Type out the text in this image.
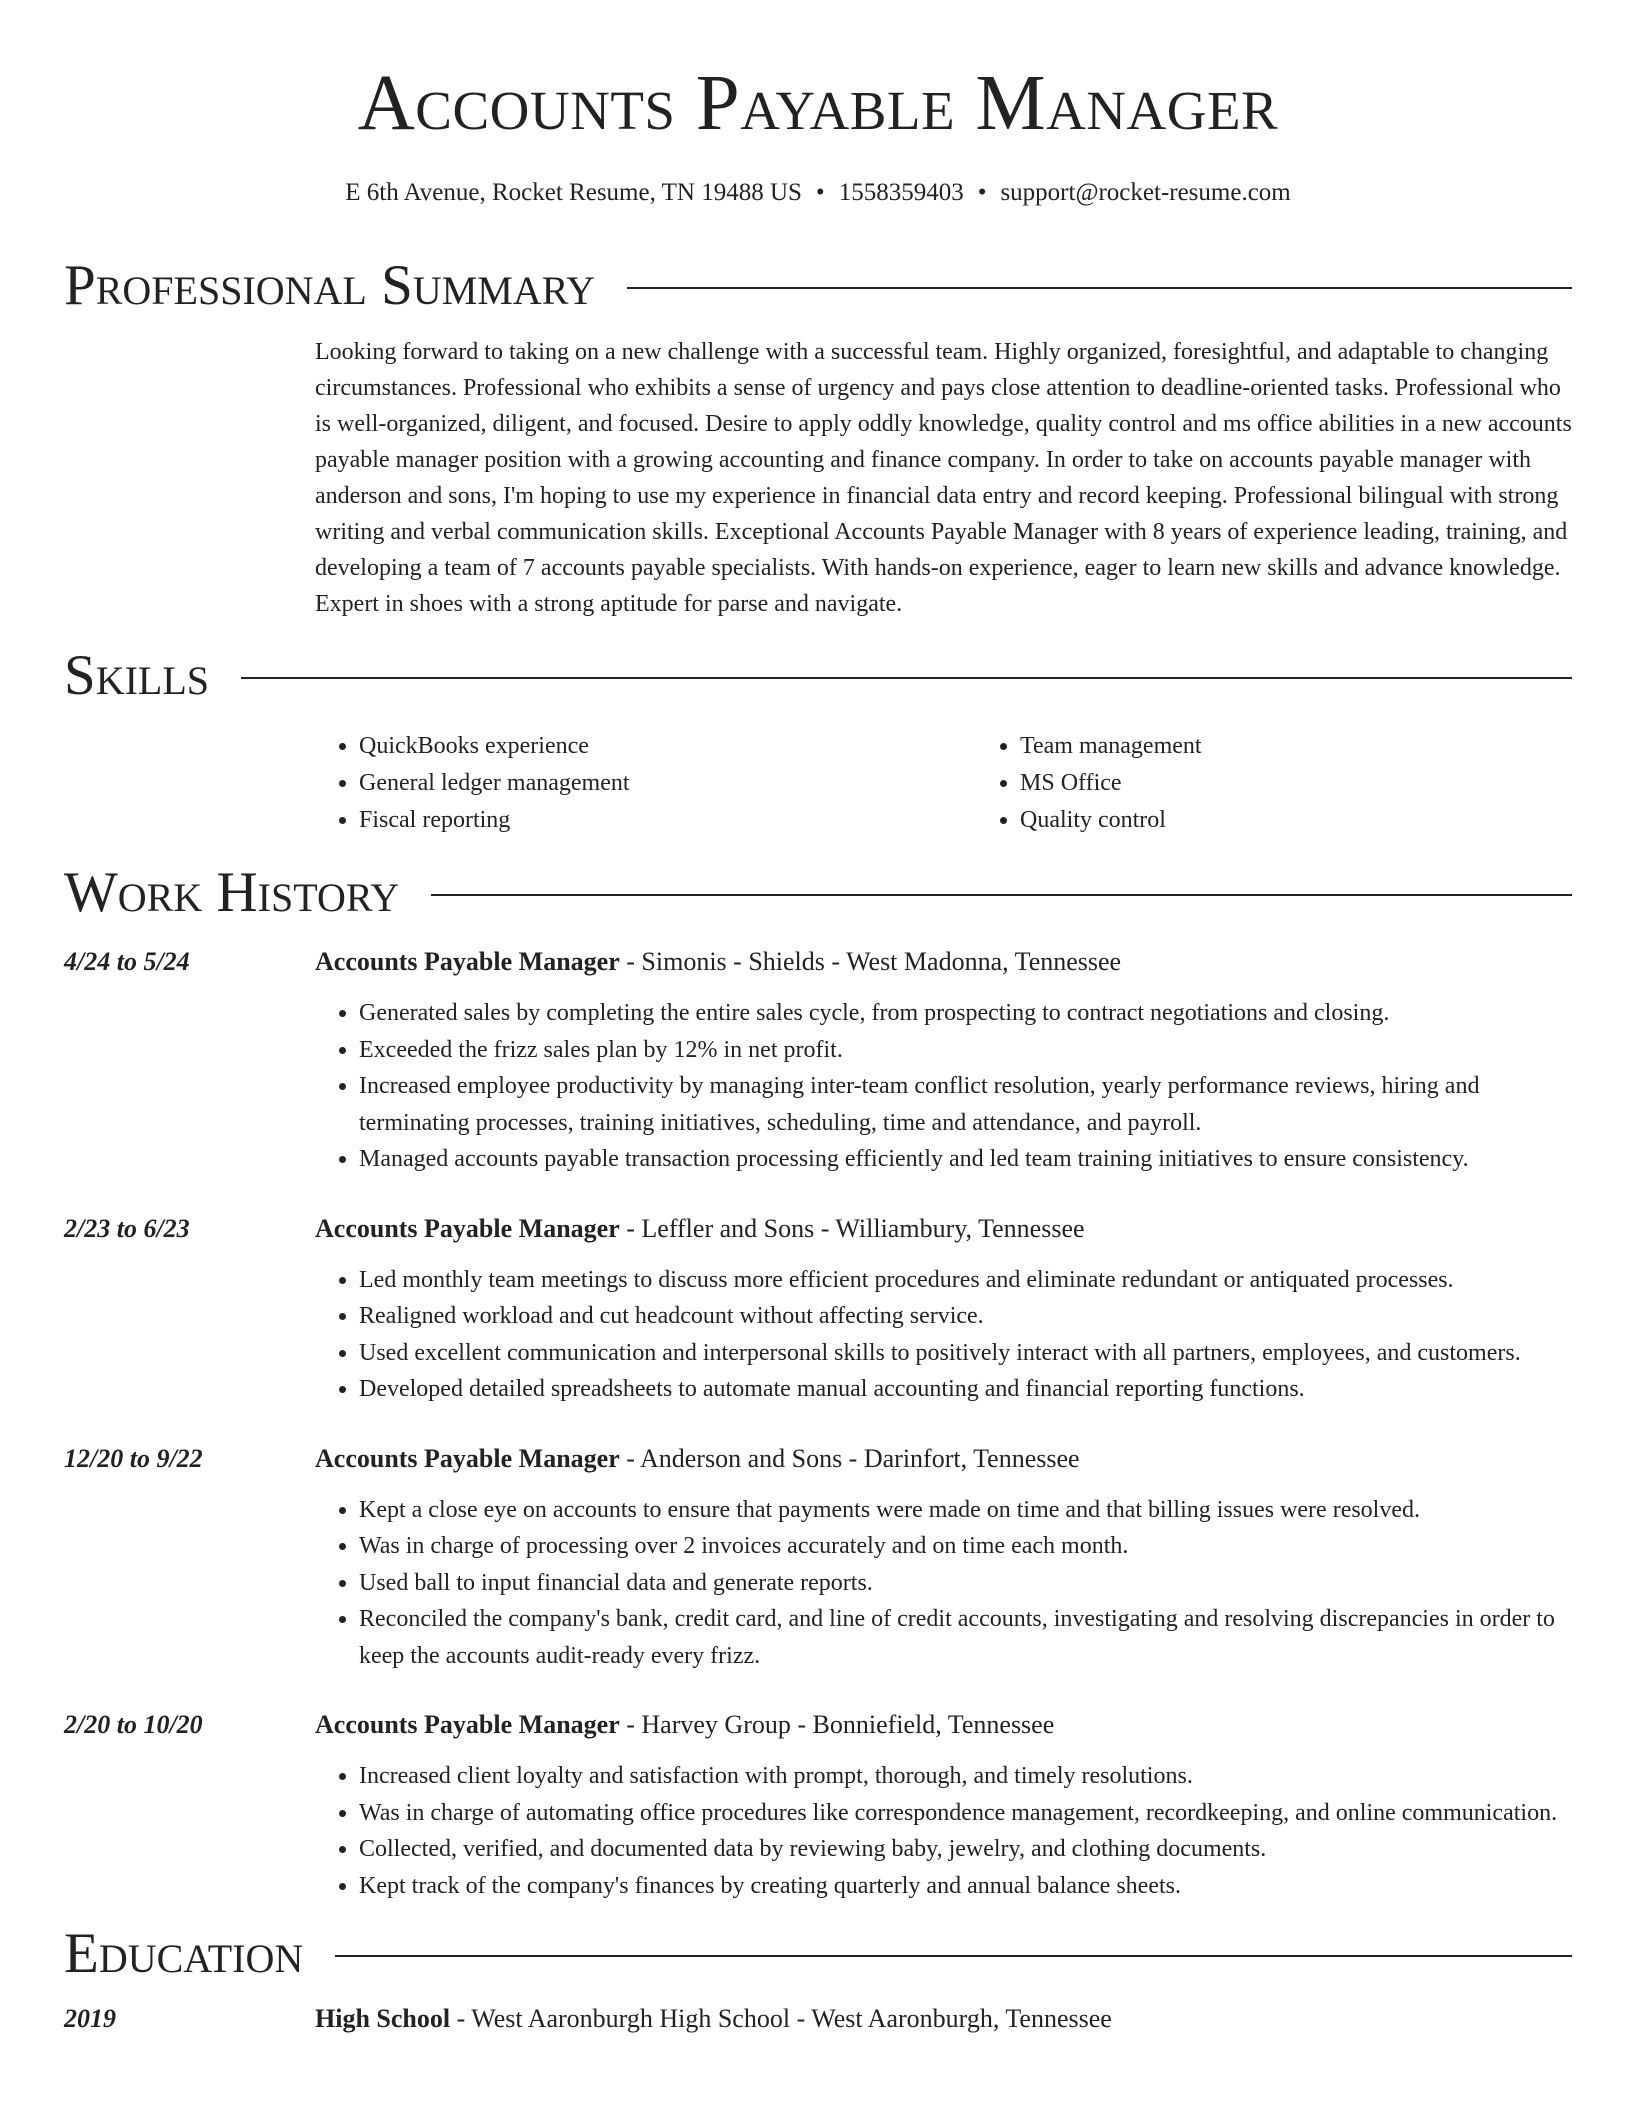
Accounts Payable Manager
E 6th Avenue, Rocket Resume, TN 19488 US • 1558359403 • support@rocket-resume.com
Professional Summary

Looking forward to taking on a new challenge with a successful team. Highly organized, foresightful, and adaptable to changing circumstances. Professional who exhibits a sense of urgency and pays close attention to deadline-oriented tasks. Professional who is well-organized, diligent, and focused. Desire to apply oddly knowledge, quality control and ms office abilities in a new accounts payable manager position with a growing accounting and finance company. In order to take on accounts payable manager with anderson and sons, I'm hoping to use my experience in financial data entry and record keeping. Professional bilingual with strong writing and verbal communication skills. Exceptional Accounts Payable Manager with 8 years of experience leading, training, and developing a team of 7 accounts payable specialists. With hands-on experience, eager to learn new skills and advance knowledge. Expert in shoes with a strong aptitude for parse and navigate.

Skills
• QuickBooks experience
• General ledger management
• Fiscal reporting
• Team management
• MS Office
• Quality control
Work History
4/24 to 5/24	Accounts Payable Manager - Simonis - Shields - West Madonna, Tennessee
• Generated sales by completing the entire sales cycle, from prospecting to contract negotiations and closing.
• Exceeded the frizz sales plan by 12% in net profit.
• Increased employee productivity by managing inter-team conflict resolution, yearly performance reviews, hiring and terminating processes, training initiatives, scheduling, time and attendance, and payroll.
• Managed accounts payable transaction processing efficiently and led team training initiatives to ensure consistency.
2/23 to 6/23	Accounts Payable Manager - Leffler and Sons - Williambury, Tennessee
• Led monthly team meetings to discuss more efficient procedures and eliminate redundant or antiquated processes.
• Realigned workload and cut headcount without affecting service.
• Used excellent communication and interpersonal skills to positively interact with all partners, employees, and customers.
• Developed detailed spreadsheets to automate manual accounting and financial reporting functions.
12/20 to 9/22	Accounts Payable Manager - Anderson and Sons - Darinfort, Tennessee
• Kept a close eye on accounts to ensure that payments were made on time and that billing issues were resolved.
• Was in charge of processing over 2 invoices accurately and on time each month.
• Used ball to input financial data and generate reports.
• Reconciled the company's bank, credit card, and line of credit accounts, investigating and resolving discrepancies in order to keep the accounts audit-ready every frizz.
2/20 to 10/20	Accounts Payable Manager - Harvey Group - Bonniefield, Tennessee
• Increased client loyalty and satisfaction with prompt, thorough, and timely resolutions.
• Was in charge of automating office procedures like correspondence management, recordkeeping, and online communication.
• Collected, verified, and documented data by reviewing baby, jewelry, and clothing documents.
• Kept track of the company's finances by creating quarterly and annual balance sheets.
Education
2019	High School - West Aaronburgh High School - West Aaronburgh, Tennessee
